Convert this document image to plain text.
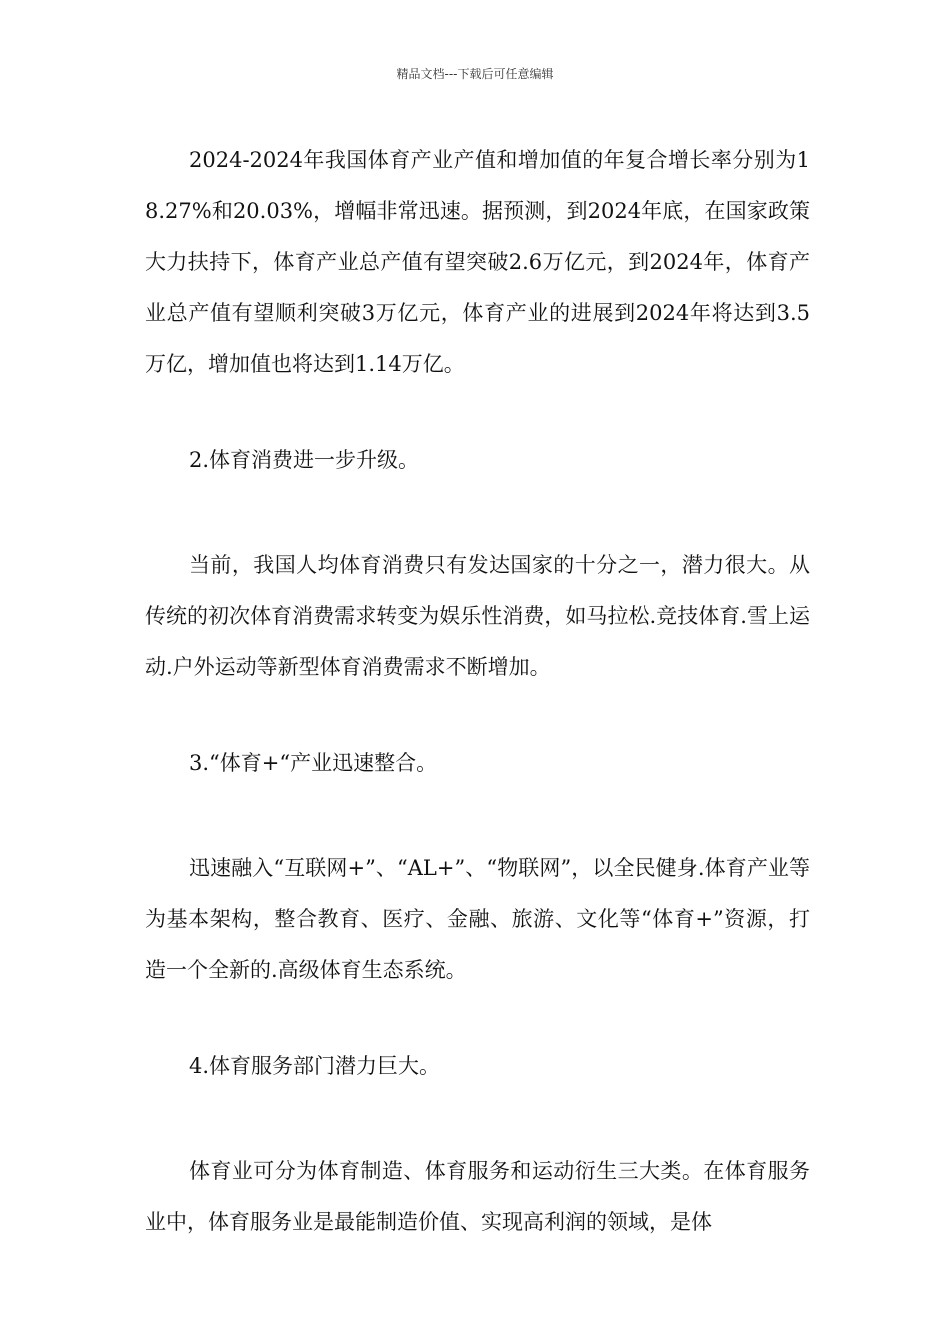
精品文档---下载后可任意编辑

2024-2024年我国体育产业产值和增加值的年复合增长率分别为18.27%和20.03%，增幅非常迅速。据预测，到2024年底，在国家政策大力扶持下，体育产业总产值有望突破2.6万亿元，到2024年，体育产业总产值有望顺利突破3万亿元，体育产业的进展到2024年将达到3.5万亿，增加值也将达到1.14万亿。

2.体育消费进一步升级。

当前，我国人均体育消费只有发达国家的十分之一，潜力很大。从传统的初次体育消费需求转变为娱乐性消费，如马拉松.竞技体育.雪上运动.户外运动等新型体育消费需求不断增加。

3.“体育+“产业迅速整合。

迅速融入“互联网+”、“AL+”、“物联网”，以全民健身.体育产业等为基本架构，整合教育、医疗、金融、旅游、文化等“体育+”资源，打造一个全新的.高级体育生态系统。

4.体育服务部门潜力巨大。

体育业可分为体育制造、体育服务和运动衍生三大类。在体育服务业中，体育服务业是最能制造价值、实现高利润的领域，是体
